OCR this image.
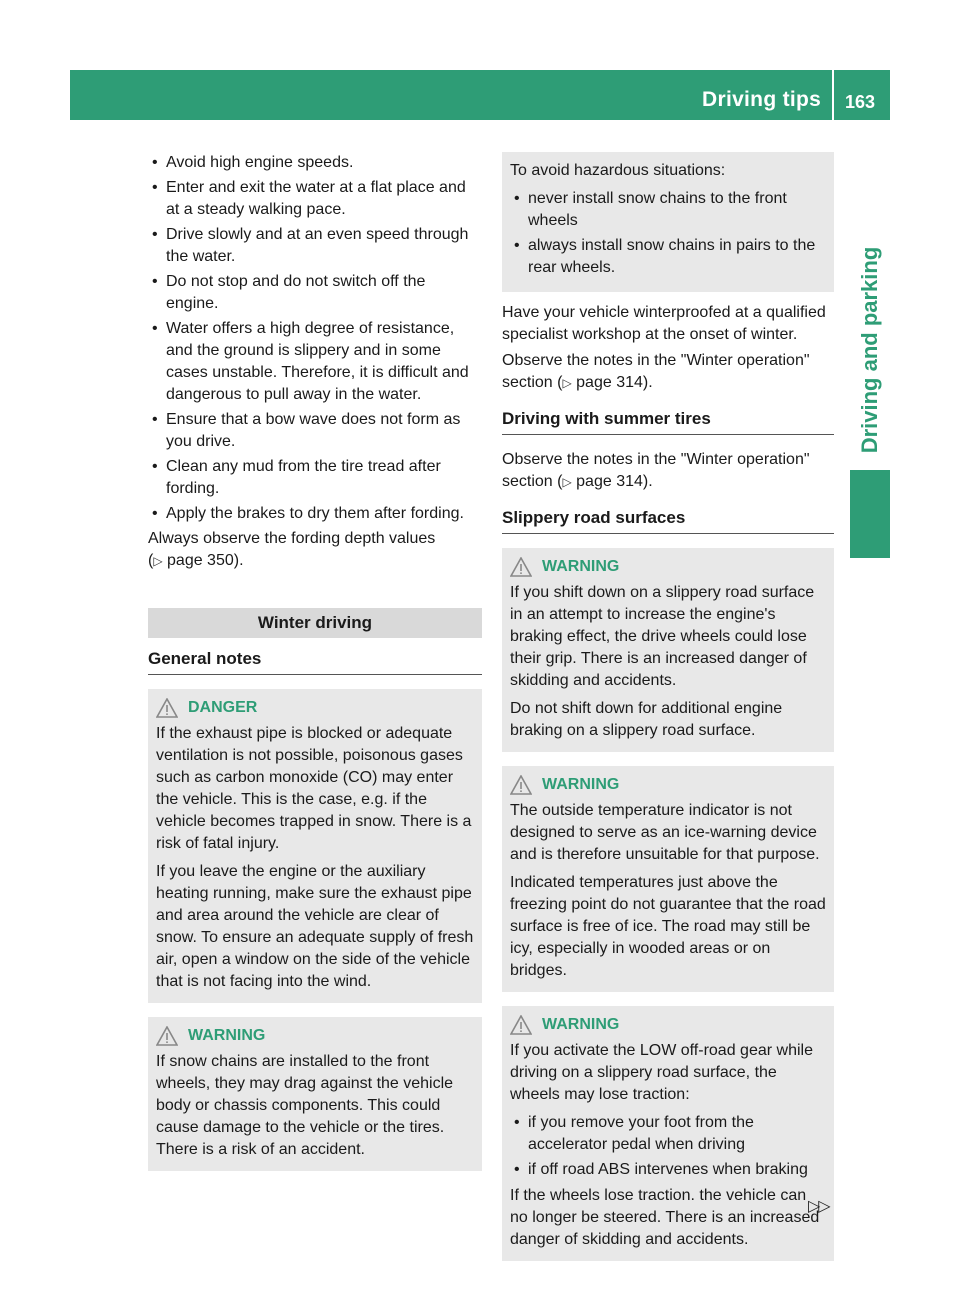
Driving tips 163
Driving and parking
• Avoid high engine speeds.
• Enter and exit the water at a flat place and at a steady walking pace.
• Drive slowly and at an even speed through the water.
• Do not stop and do not switch off the engine.
• Water offers a high degree of resistance, and the ground is slippery and in some cases unstable. Therefore, it is difficult and dangerous to pull away in the water.
• Ensure that a bow wave does not form as you drive.
• Clean any mud from the tire tread after fording.
• Apply the brakes to dry them after fording.

Always observe the fording depth values
(▷ page 350).

Winter driving
General notes
DANGER

If the exhaust pipe is blocked or adequate ventilation is not possible, poisonous gases such as carbon monoxide (CO) may enter the vehicle. This is the case, e.g. if the vehicle becomes trapped in snow. There is a risk of fatal injury.

If you leave the engine or the auxiliary heating running, make sure the exhaust pipe and area around the vehicle are clear of snow. To ensure an adequate supply of fresh air, open a window on the side of the vehicle that is not facing into the wind.

WARNING

If snow chains are installed to the front wheels, they may drag against the vehicle body or chassis components. This could cause damage to the vehicle or the tires. There is a risk of an accident.

To avoid hazardous situations:

• never install snow chains to the front wheels
• always install snow chains in pairs to the rear wheels.

Have your vehicle winterproofed at a qualified specialist workshop at the onset of winter.

Observe the notes in the "Winter operation" section (▷ page 314).

Driving with summer tires

Observe the notes in the "Winter operation" section (▷ page 314).

Slippery road surfaces
WARNING

If you shift down on a slippery road surface in an attempt to increase the engine's braking effect, the drive wheels could lose their grip. There is an increased danger of skidding and accidents.

Do not shift down for additional engine braking on a slippery road surface.

WARNING

The outside temperature indicator is not designed to serve as an ice-warning device and is therefore unsuitable for that purpose.

Indicated temperatures just above the freezing point do not guarantee that the road surface is free of ice. The road may still be icy, especially in wooded areas or on bridges.

WARNING

If you activate the LOW off-road gear while driving on a slippery road surface, the wheels may lose traction:

• if you remove your foot from the accelerator pedal when driving
• if off road ABS intervenes when braking

If the wheels lose traction. the vehicle can no longer be steered. There is an increased danger of skidding and accidents.

▷▷
